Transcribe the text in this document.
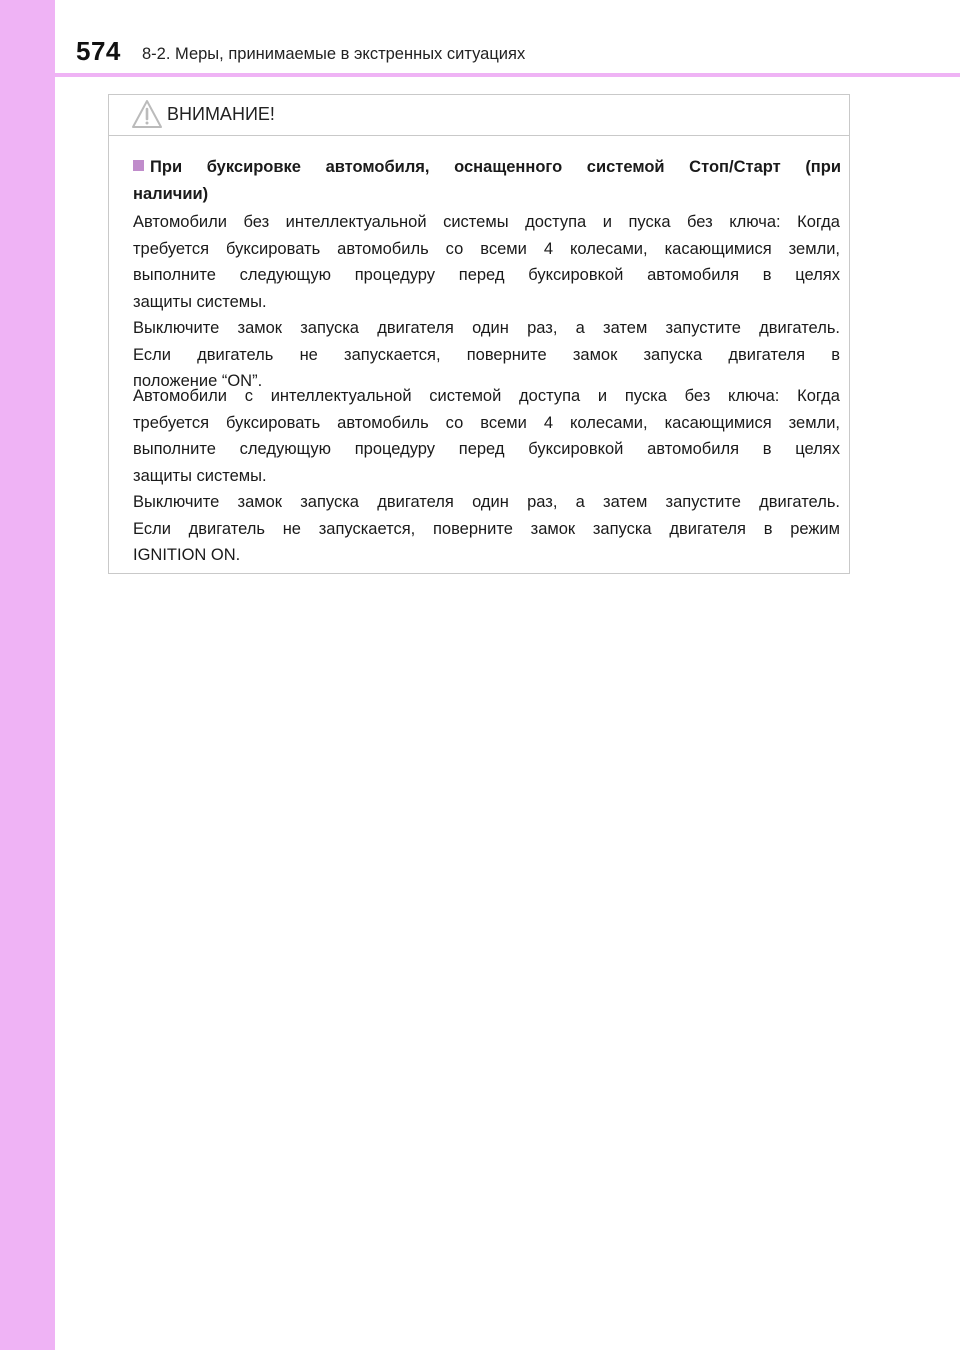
574 8-2. Меры, принимаемые в экстренных ситуациях
ВНИМАНИЕ!
При буксировке автомобиля, оснащенного системой Стоп/Старт (при
наличии)
Автомобили без интеллектуальной системы доступа и пуска без ключа: Когда
требуется буксировать автомобиль со всеми 4 колесами, касающимися земли,
выполните следующую процедуру перед буксировкой автомобиля в целях
защиты системы.
Выключите замок запуска двигателя один раз, а затем запустите двигатель.
Если двигатель не запускается, поверните замок запуска двигателя в
положение “ON”.
Автомобили с интеллектуальной системой доступа и пуска без ключа: Когда
требуется буксировать автомобиль со всеми 4 колесами, касающимися земли,
выполните следующую процедуру перед буксировкой автомобиля в целях
защиты системы.
Выключите замок запуска двигателя один раз, а затем запустите двигатель.
Если двигатель не запускается, поверните замок запуска двигателя в режим
IGNITION ON.
